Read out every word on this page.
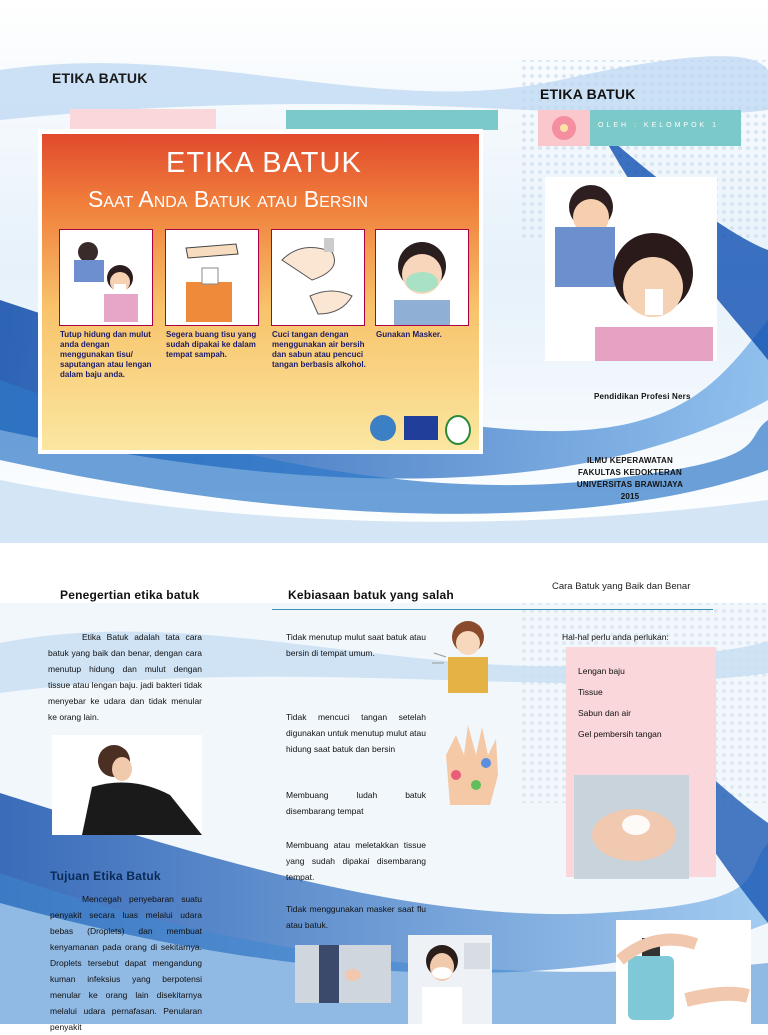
ETIKA BATUK
ETIKA BATUK
Saat Anda Batuk atau Bersin
Tutup hidung dan mulut anda dengan menggunakan tisu/ saputangan atau lengan dalam baju anda.
Segera buang tisu yang sudah dipakai ke dalam tempat sampah.
Cuci tangan dengan menggunakan air bersih dan sabun atau pencuci tangan berbasis alkohol.
Gunakan Masker.
ETIKA BATUK
OLEH : KELOMPOK 1
Pendidikan Profesi Ners
ILMU KEPERAWATAN
FAKULTAS KEDOKTERAN
UNIVERSITAS BRAWIJAYA
2015
Penegertian etika batuk
Etika Batuk adalah tata cara batuk yang baik dan benar, dengan cara menutup hidung dan mulut dengan tissue atau lengan baju. jadi bakteri tidak menyebar ke udara dan tidak menular ke orang lain.
Tujuan Etika Batuk
Mencegah penyebaran suatu penyakit secara luas melalui udara bebas (Droplets) dan membuat kenyamanan pada orang di sekitarnya. Droplets tersebut dapat mengandung kuman infeksius yang berpotensi menular ke orang lain disekitarnya melalui udara pernafasan. Penularan penyakit
Kebiasaan batuk yang salah
Tidak menutup mulut saat batuk atau bersin di tempat umum.
Tidak mencuci tangan setelah digunakan untuk menutup mulut atau hidung saat batuk dan bersin
Membuang ludah batuk disembarang tempat
Membuang atau meletakkan tissue yang sudah dipakai disembarang tempat.
Tidak menggunakan masker saat flu atau batuk.
Cara Batuk yang Baik dan Benar
Hal-hal perlu anda perlukan:
Lengan baju
Tissue
Sabun dan air
Gel pembersih tangan
